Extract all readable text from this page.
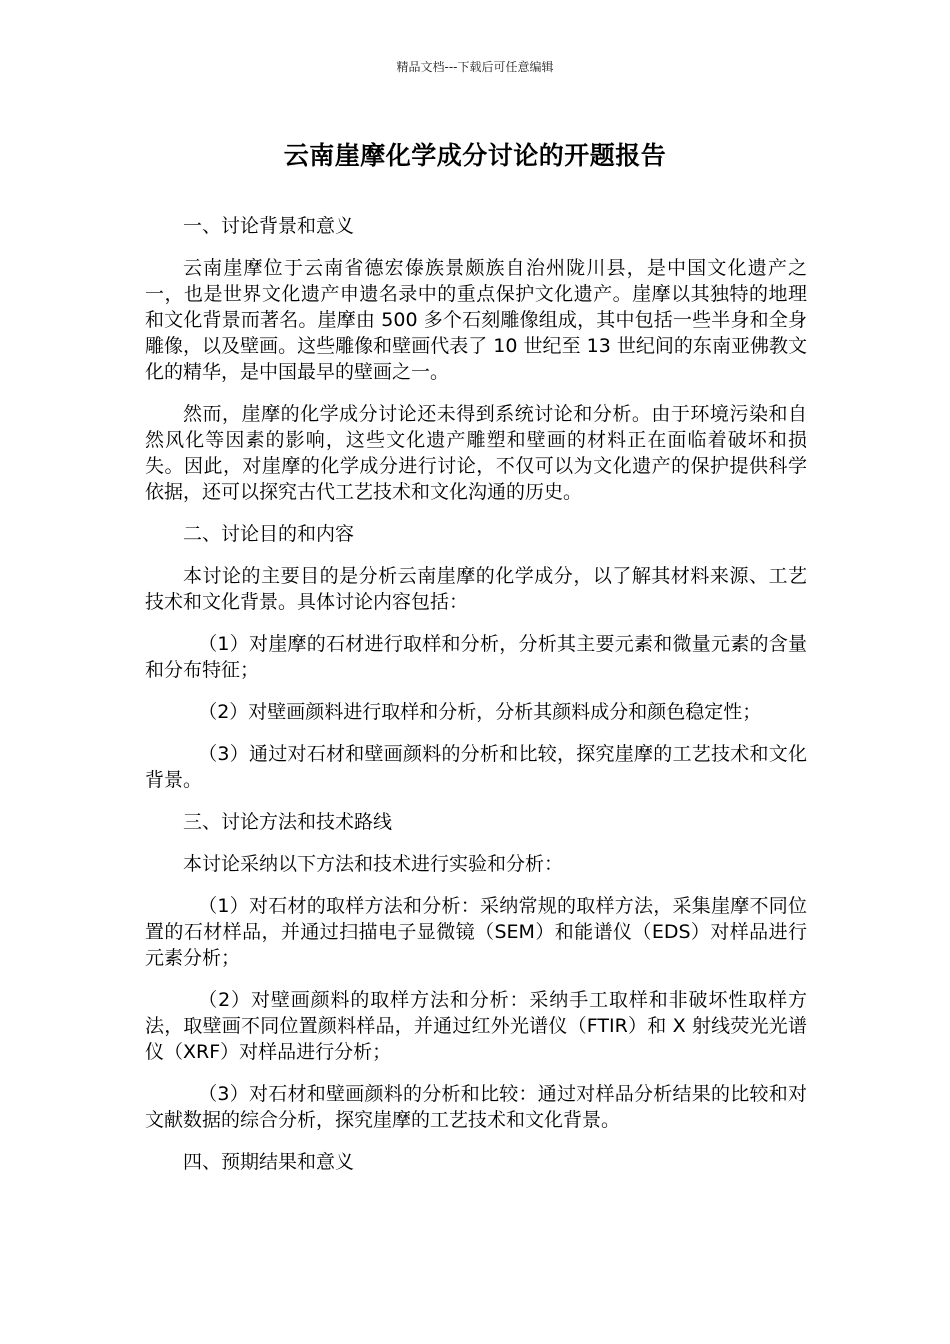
精品文档---下载后可任意编辑
云南崖摩化学成分讨论的开题报告

一、讨论背景和意义

云南崖摩位于云南省德宏傣族景颇族自治州陇川县，是中国文化遗产之一，也是世界文化遗产申遗名录中的重点保护文化遗产。崖摩以其独特的地理和文化背景而著名。崖摩由 500 多个石刻雕像组成，其中包括一些半身和全身雕像，以及壁画。这些雕像和壁画代表了 10 世纪至 13 世纪间的东南亚佛教文化的精华，是中国最早的壁画之一。

然而，崖摩的化学成分讨论还未得到系统讨论和分析。由于环境污染和自然风化等因素的影响，这些文化遗产雕塑和壁画的材料正在面临着破坏和损失。因此，对崖摩的化学成分进行讨论，不仅可以为文化遗产的保护提供科学依据，还可以探究古代工艺技术和文化沟通的历史。

二、讨论目的和内容

本讨论的主要目的是分析云南崖摩的化学成分，以了解其材料来源、工艺技术和文化背景。具体讨论内容包括：

（1）对崖摩的石材进行取样和分析，分析其主要元素和微量元素的含量和分布特征；

（2）对壁画颜料进行取样和分析，分析其颜料成分和颜色稳定性；

（3）通过对石材和壁画颜料的分析和比较，探究崖摩的工艺技术和文化背景。

三、讨论方法和技术路线

本讨论采纳以下方法和技术进行实验和分析：

（1）对石材的取样方法和分析：采纳常规的取样方法，采集崖摩不同位置的石材样品，并通过扫描电子显微镜（SEM）和能谱仪（EDS）对样品进行元素分析；

（2）对壁画颜料的取样方法和分析：采纳手工取样和非破坏性取样方法，取壁画不同位置颜料样品，并通过红外光谱仪（FTIR）和 X 射线荧光光谱仪（XRF）对样品进行分析；

（3）对石材和壁画颜料的分析和比较：通过对样品分析结果的比较和对文献数据的综合分析，探究崖摩的工艺技术和文化背景。

四、预期结果和意义
